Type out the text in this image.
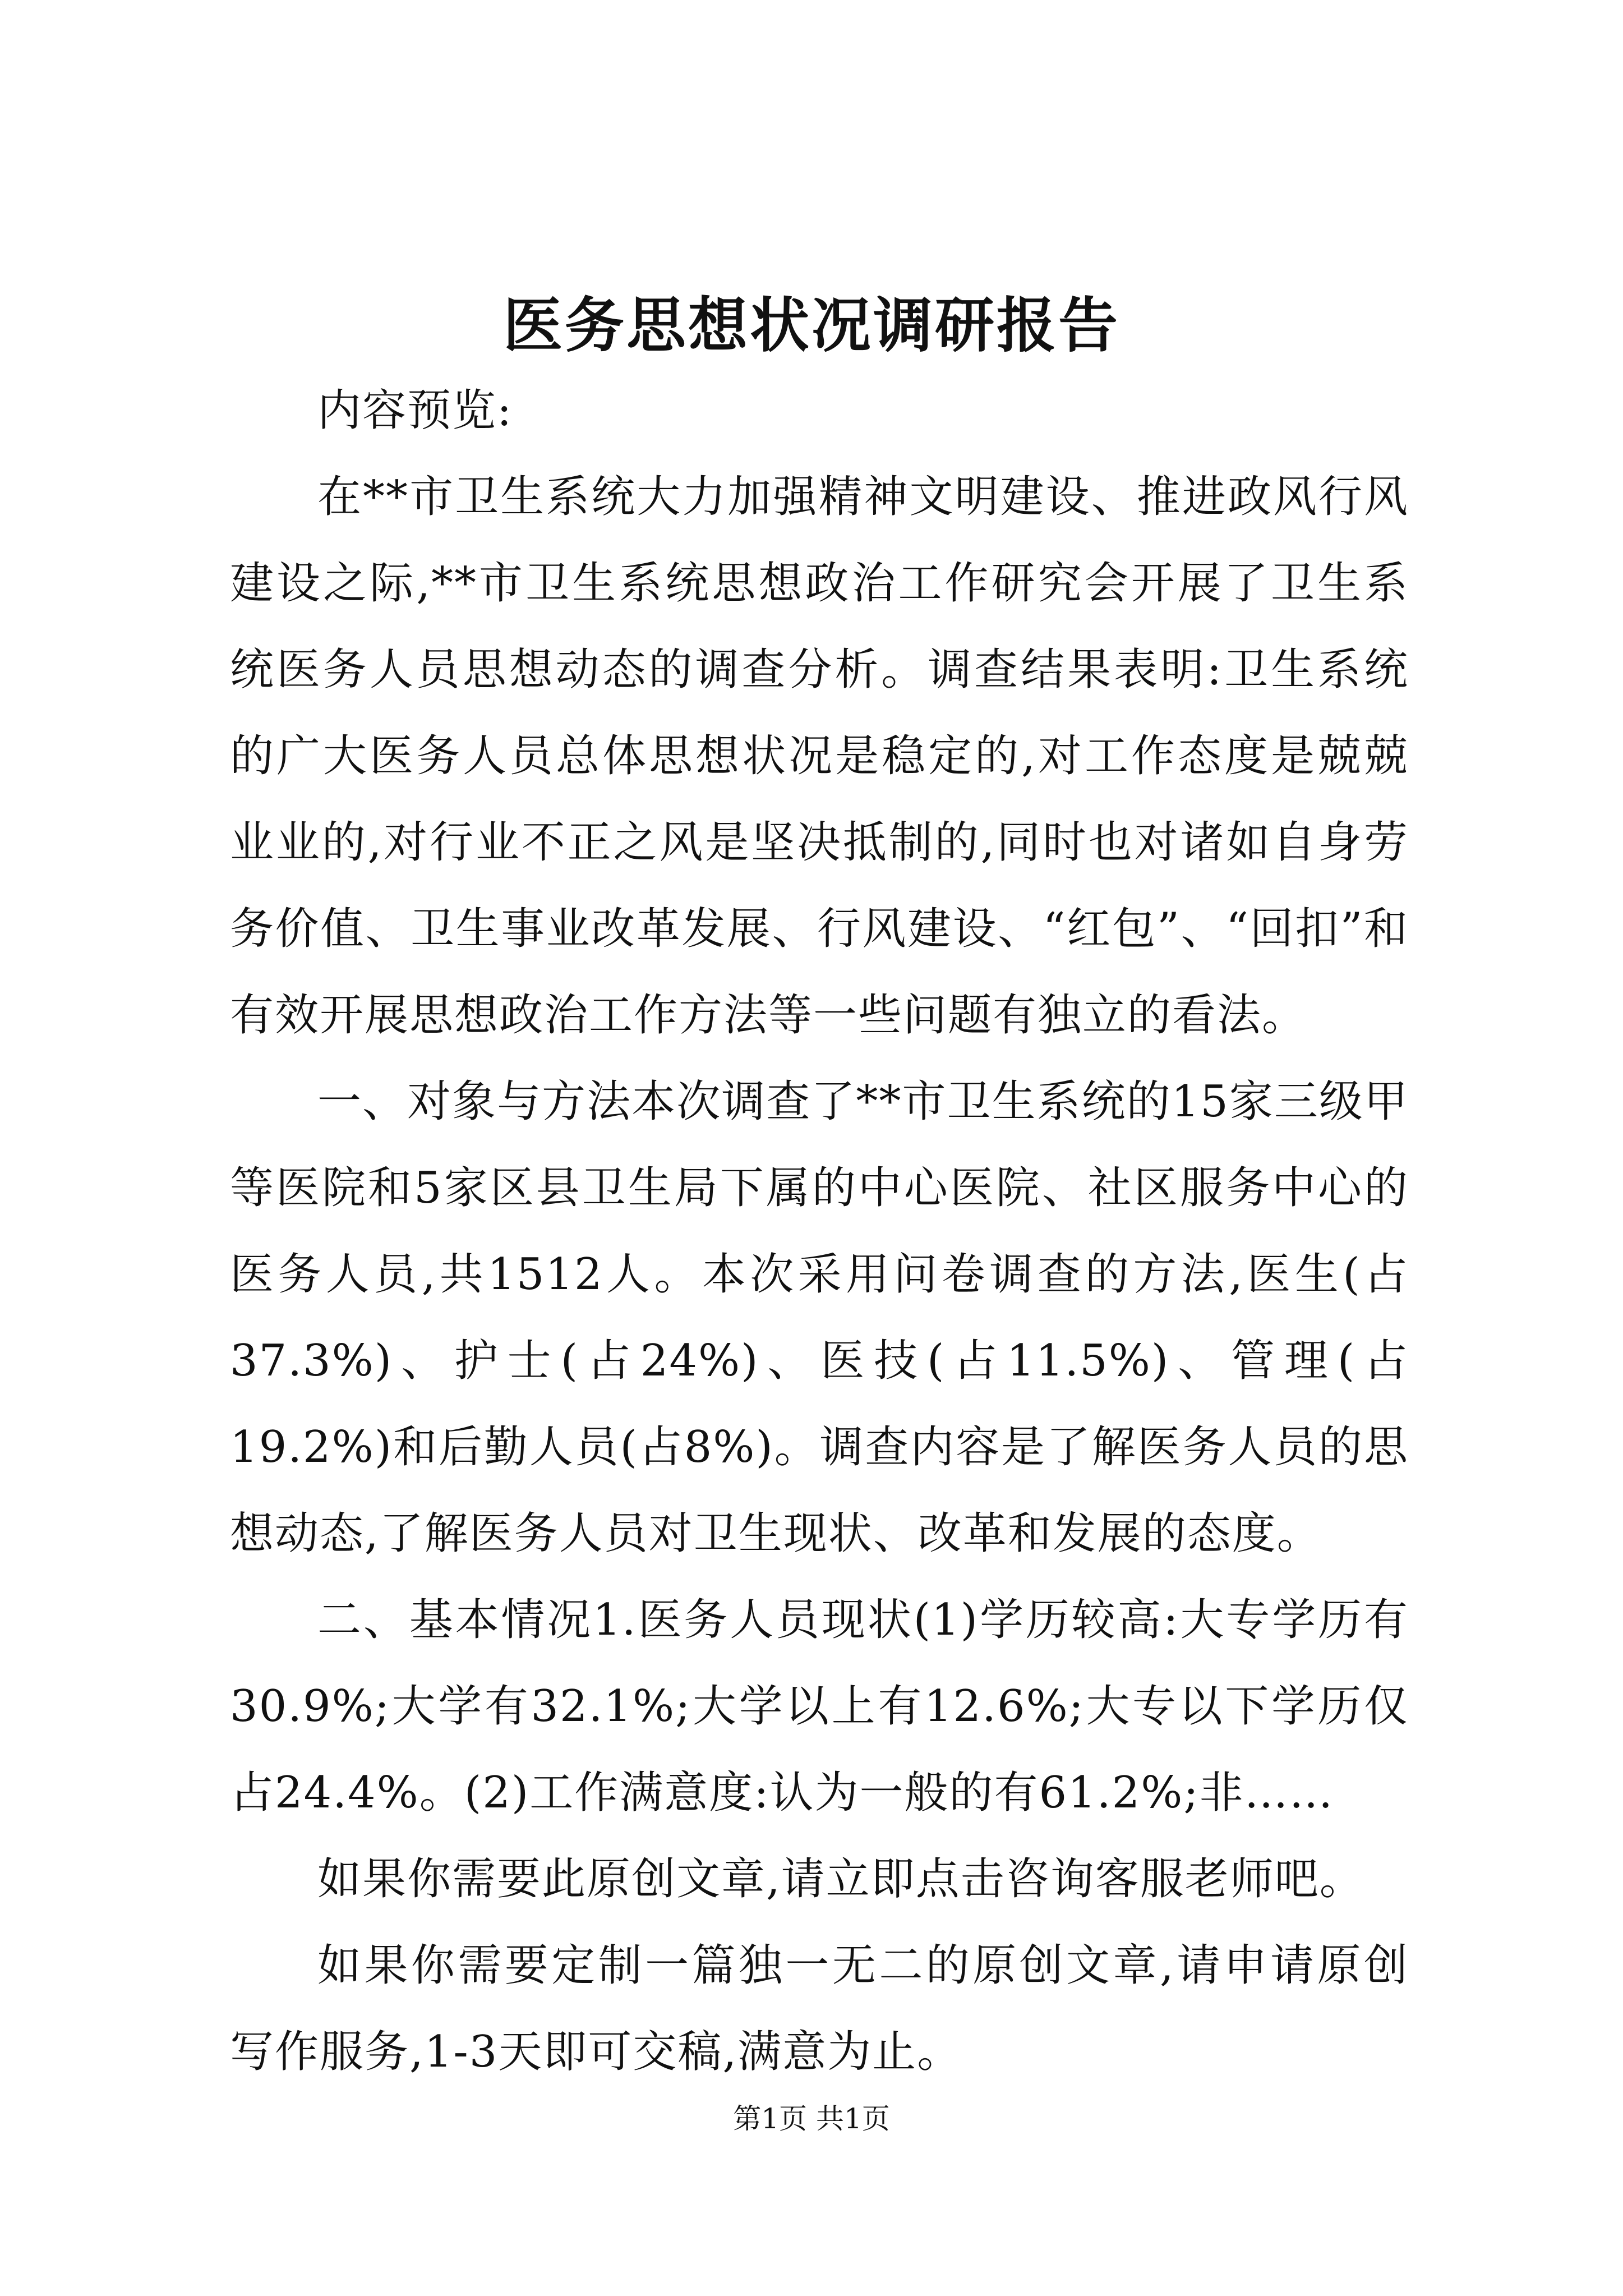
医务思想状况调研报告

内容预览:

在**市卫生系统大力加强精神文明建设、推进政风行风建设之际,**市卫生系统思想政治工作研究会开展了卫生系统医务人员思想动态的调查分析。调查结果表明:卫生系统的广大医务人员总体思想状况是稳定的,对工作态度是兢兢业业的,对行业不正之风是坚决抵制的,同时也对诸如自身劳务价值、卫生事业改革发展、行风建设、“红包”、“回扣”和有效开展思想政治工作方法等一些问题有独立的看法。

一、对象与方法本次调查了**市卫生系统的15家三级甲等医院和5家区县卫生局下属的中心医院、社区服务中心的医务人员,共1512人。本次采用问卷调查的方法,医生(占37.3%)、护士(占24%)、医技(占11.5%)、管理(占19.2%)和后勤人员(占8%)。调查内容是了解医务人员的思想动态,了解医务人员对卫生现状、改革和发展的态度。

二、基本情况1.医务人员现状(1)学历较高:大专学历有30.9%;大学有32.1%;大学以上有12.6%;大专以下学历仅占24.4%。(2)工作满意度:认为一般的有61.2%;非……

如果你需要此原创文章,请立即点击咨询客服老师吧。

如果你需要定制一篇独一无二的原创文章,请申请原创写作服务,1-3天即可交稿,满意为止。

第1页 共1页
